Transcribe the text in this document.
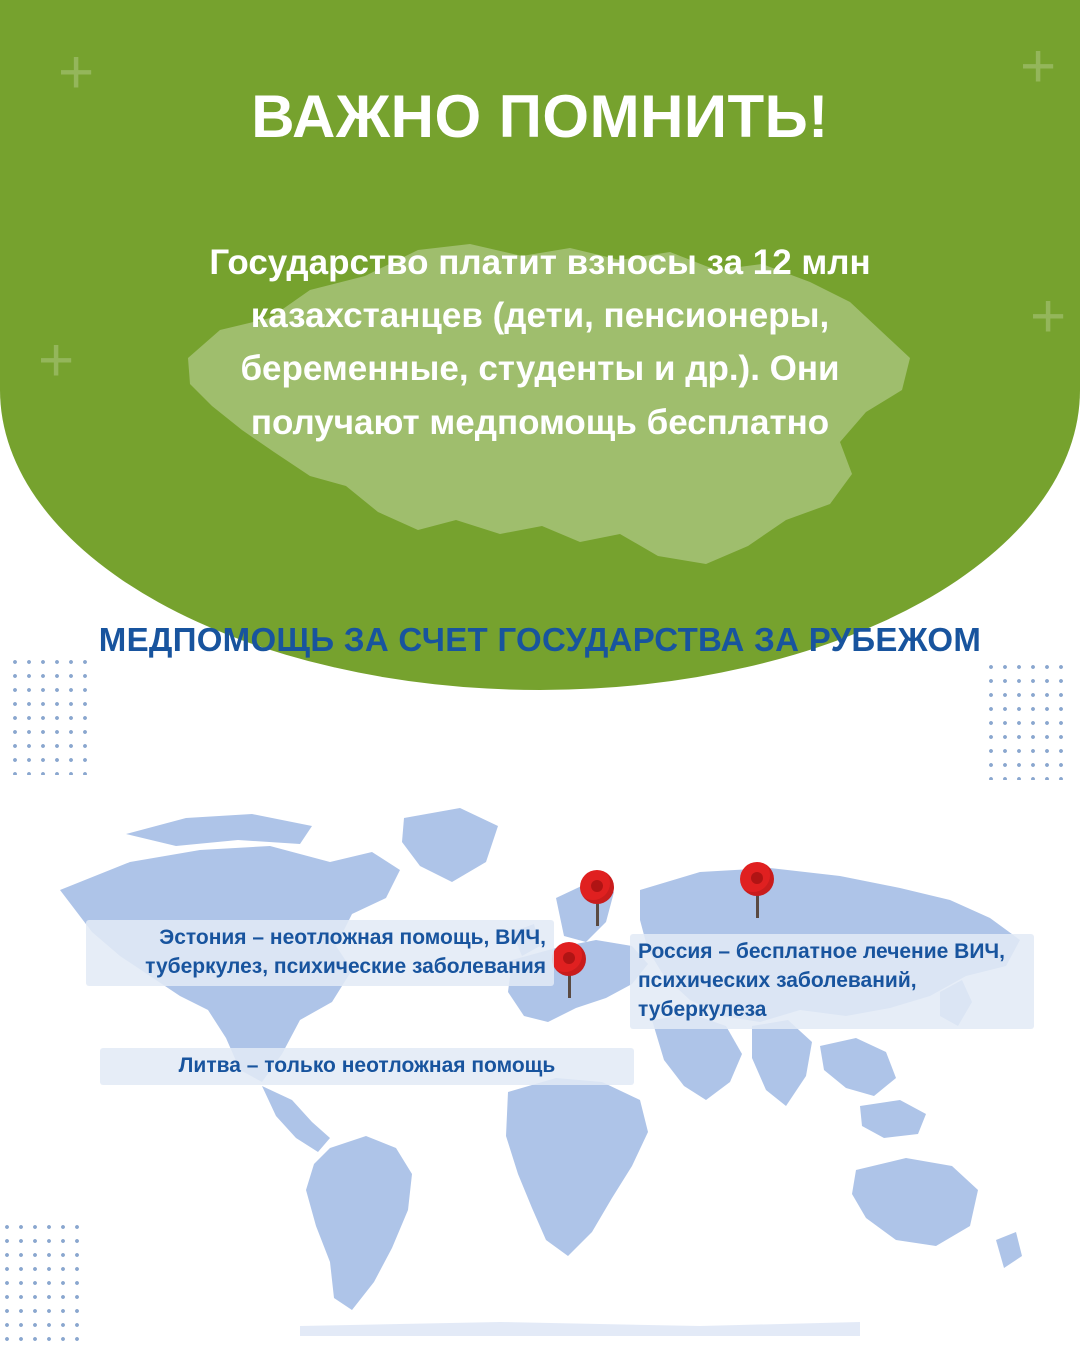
+
+
+
+
ВАЖНО ПОМНИТЬ!
Государство платит взносы за 12 млн казахстанцев (дети, пенсионеры, беременные, студенты и др.). Они получают медпомощь бесплатно
МЕДПОМОЩЬ ЗА СЧЕТ ГОСУДАРСТВА ЗА РУБЕЖОМ
Эстония – неотложная помощь, ВИЧ, туберкулез, психические заболевания
Литва – только неотложная помощь
Россия – бесплатное лечение ВИЧ, психических заболеваний, туберкулеза
